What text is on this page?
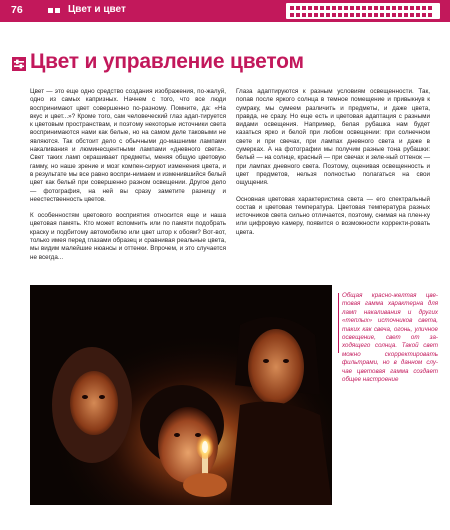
76	Цвет и цвет
Цвет и управление цветом

Цвет — это еще одно средство создания изображения, по-жалуй, одно из самых капризных. Начнем с того, что все люди воспринимают цвет совершенно по-разному. Помните, да: «На вкус и цвет...»? Кроме того, сам человеческий глаз адап-тируется к цветовым пространствам, и поэтому некоторые источники света воспринимаются нами как белые, но на самом деле таковыми не являются. Так обстоит дело с обычными до-машними лампами накаливания и люминесцентными лампами «дневного света». Свет таких ламп окрашивает предметы, меняя общую цветовую гамму, но наше зрение и мозг компен-сируют изменения цвета, и в результате мы все равно воспри-нимаем и изменившийся белый цвет как белый при совершенно разном освещении. Другое дело — фотография, на ней вы сразу заметите разницу и неестественность цветов.

К особенностям цветового восприятия относится еще и наша цветовая память. Кто может вспомнить или по памяти подобрать краску и подбитому автомобилю или цвет штор к обоям? Вот-вот, только имея перед глазами образец и сравнивая реальные цвета, мы видим малейшие нюансы и оттенки. Впрочем, и это случается не всегда...

Глаза адаптируются к разным условиям освещенности. Так, попав после яркого солнца в темное помещение и привыкнув к сумраку, мы сумеем различить и предметы, и даже цвета, правда, не сразу. Но еще есть и цветовая адаптация с разными видами освещения. Например, белая рубашка нам будет казаться ярко и белой при любом освещении: при солнечном свете и при свечах, при лампах дневного света и даже в сумерках. А на фотографии мы получим разные тона рубашки: белый — на солнце, красный — при свечах и зеле-ный оттенок — при лампах дневного света. Поэтому, оценивая освещенность и цвет предметов, нельзя полностью полагаться на свои ощущения.

Основная цветовая характеристика света — его спектральный состав и цветовая температура. Цветовая температура разных источников света сильно отличается, поэтому, снимая на плен-ку или цифровую камеру, появится о возможности корректи-ровать цвета.

Общая красно-желтая цве-товая гамма характерна для ламп накаливания и других «теплых» источников света, таких как свеча, огонь, уличное освещение, свет от за-ходящего солнца. Такой свет можно скорректировать фильтрами, но в данном слу-чае цветовая гамма создает общее настроение
